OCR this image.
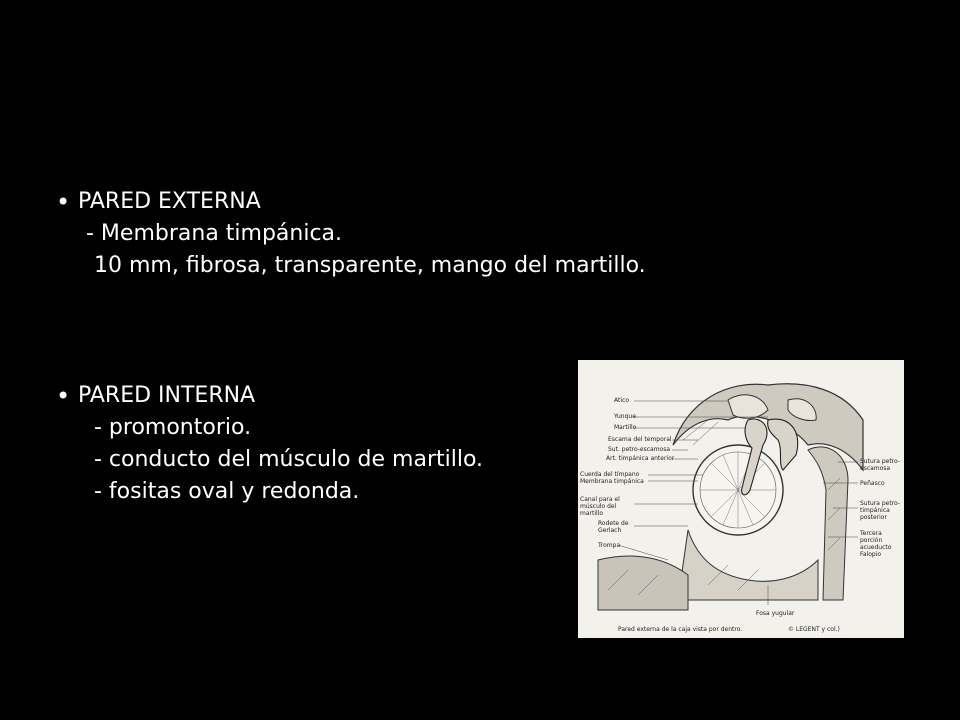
• PARED EXTERNA
- Membrana timpánica.
10 mm, fibrosa, transparente, mango del martillo.
• PARED INTERNA
- promontorio.
- conducto del músculo de martillo.
- fositas oval y redonda.
Atico
Yunque
Martillo
Escama del temporal
Sut. petro-escamosa
Art. timpánica anterior
Cuerda del tímpano
Membrana timpánica
Canal para el músculo del martillo
Rodete de Gerlach
Trompa
Sutura petro-escamosa
Peñasco
Sutura petro-timpánica posterior
Tercera porción acueducto Falopio
Fosa yugular
Pared externa de la caja vista por dentro.	© LEGENT y col.)
